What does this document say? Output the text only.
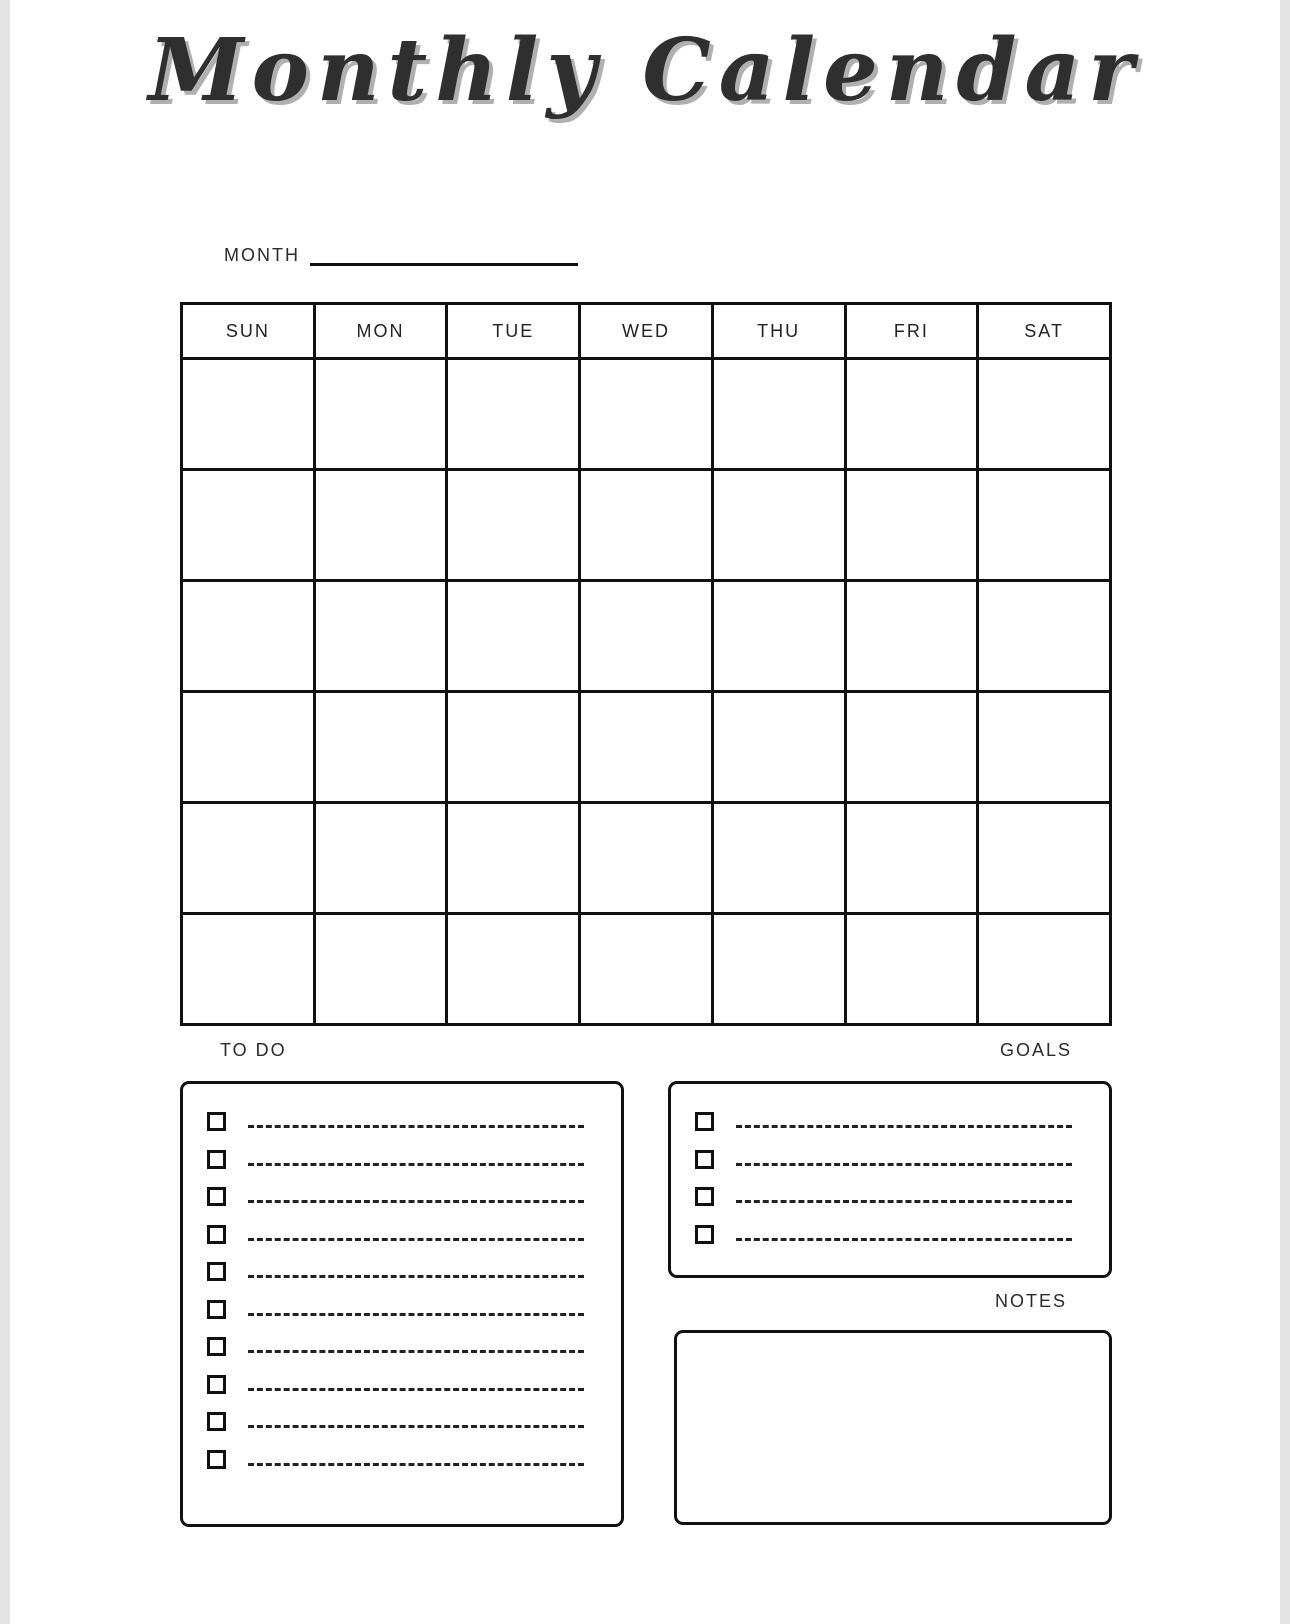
Monthly Calendar
MONTH
SUN	MON	TUE	WED	THU	FRI	SAT

TO DO	GOALS
NOTES
